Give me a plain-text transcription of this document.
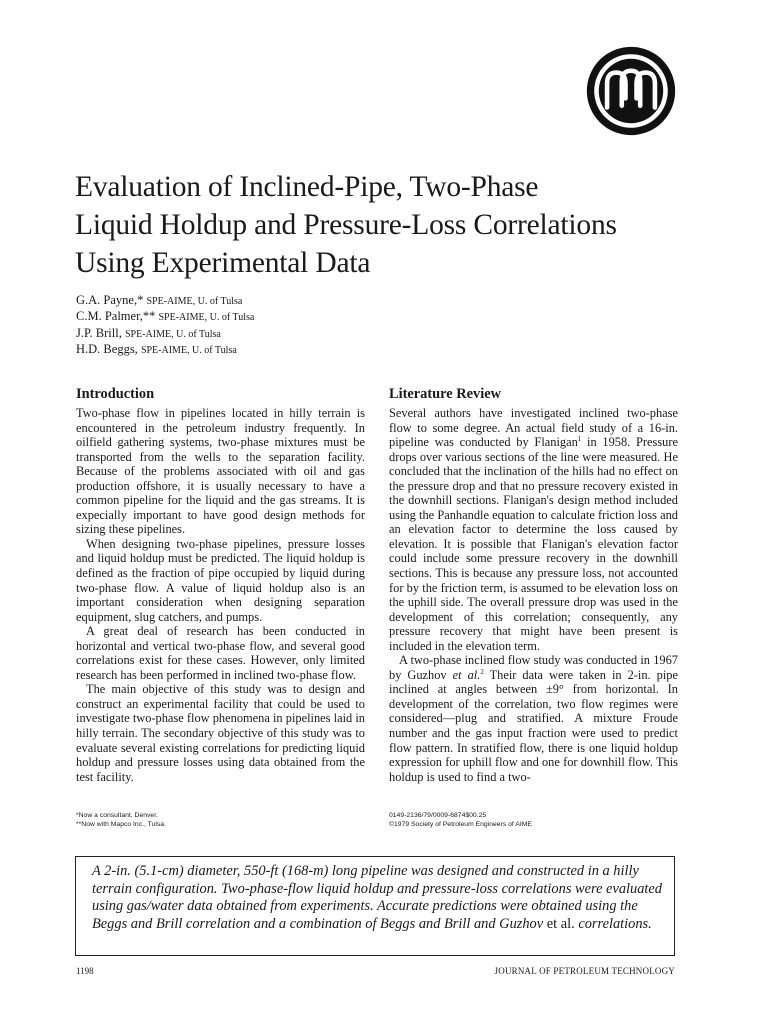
Evaluation of Inclined-Pipe, Two-Phase
Liquid Holdup and Pressure-Loss Correlations
Using Experimental Data
G.A. Payne,* SPE-AIME, U. of Tulsa
C.M. Palmer,** SPE-AIME, U. of Tulsa
J.P. Brill, SPE-AIME, U. of Tulsa
H.D. Beggs, SPE-AIME, U. of Tulsa
Introduction

Two-phase flow in pipelines located in hilly terrain is encountered in the petroleum industry frequently. In oilfield gathering systems, two-phase mixtures must be transported from the wells to the separation facility. Because of the problems associated with oil and gas production offshore, it is usually necessary to have a common pipeline for the liquid and the gas streams. It is expecially important to have good design methods for sizing these pipelines.

When designing two-phase pipelines, pressure losses and liquid holdup must be predicted. The liquid holdup is defined as the fraction of pipe occupied by liquid during two-phase flow. A value of liquid holdup also is an important consideration when designing separation equipment, slug catchers, and pumps.

A great deal of research has been conducted in horizontal and vertical two-phase flow, and several good correlations exist for these cases. However, only limited research has been performed in inclined two-phase flow.

The main objective of this study was to design and construct an experimental facility that could be used to investigate two-phase flow phenomena in pipelines laid in hilly terrain. The secondary objective of this study was to evaluate several existing correlations for predicting liquid holdup and pressure losses using data obtained from the test facility.

Literature Review

Several authors have investigated inclined two-phase flow to some degree. An actual field study of a 16-in. pipeline was conducted by Flanigan$^1$ in 1958. Pressure drops over various sections of the line were measured. He concluded that the inclination of the hills had no effect on the pressure drop and that no pressure recovery existed in the downhill sections. Flanigan's design method included using the Panhandle equation to calculate friction loss and an elevation factor to determine the loss caused by elevation. It is possible that Flanigan's elevation factor could include some pressure recovery in the downhill sections. This is because any pressure loss, not accounted for by the friction term, is assumed to be elevation loss on the uphill side. The overall pressure drop was used in the development of this correlation; consequently, any pressure recovery that might have been present is included in the elevation term.

A two-phase inclined flow study was conducted in 1967 by Guzhov et al.$^2$ Their data were taken in 2-in. pipe inclined at angles between ±9° from horizontal. In development of the correlation, two flow regimes were considered—plug and stratified. A mixture Froude number and the gas input fraction were used to predict flow pattern. In stratified flow, there is one liquid holdup expression for uphill flow and one for downhill flow. This holdup is used to find a two-

*Now a consultant, Denver.
**Now with Mapco Inc., Tulsa.
0149-2136/79/0009-6874$00.25
©1979 Society of Petroleum Engineers of AIME

A 2-in. (5.1-cm) diameter, 550-ft (168-m) long pipeline was designed and constructed in a hilly terrain configuration. Two-phase-flow liquid holdup and pressure-loss correlations were evaluated using gas/water data obtained from experiments. Accurate predictions were obtained using the Beggs and Brill correlation and a combination of Beggs and Brill and Guzhov et al. correlations.

1198	JOURNAL OF PETROLEUM TECHNOLOGY
